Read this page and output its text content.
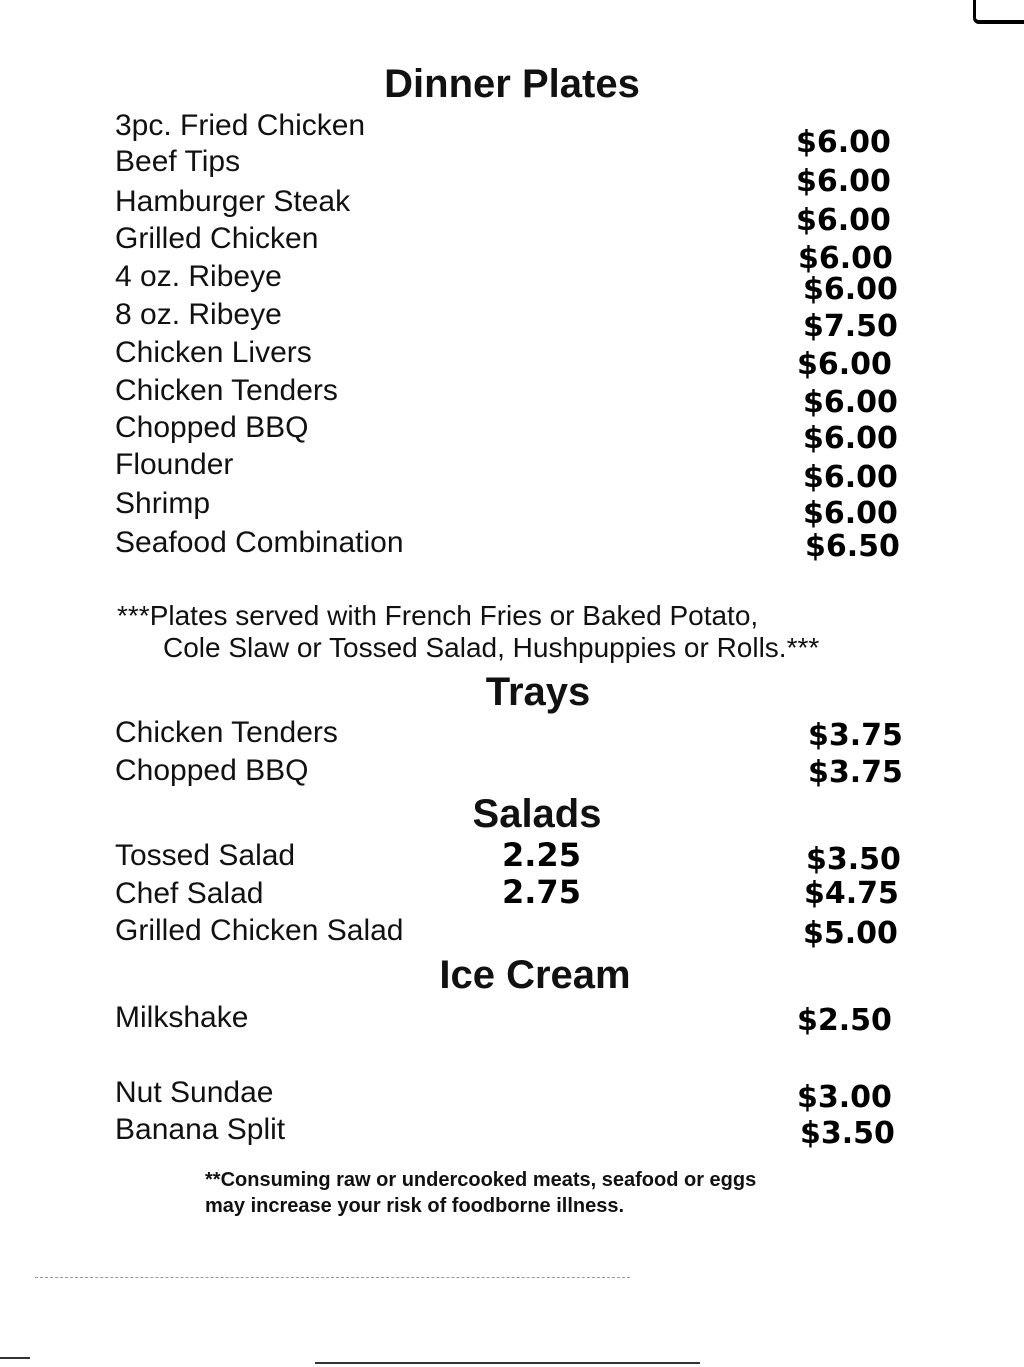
Dinner Plates
3pc. Fried Chicken
Beef Tips
Hamburger Steak
Grilled Chicken
4 oz. Ribeye
8 oz. Ribeye
Chicken Livers
Chicken Tenders
Chopped BBQ
Flounder
Shrimp
Seafood Combination
$6.00
$6.00
$6.00
$6.00
$6.00
$7.50
$6.00
$6.00
$6.00
$6.00
$6.00
$6.50
***Plates served with French Fries or Baked Potato,
Cole Slaw or Tossed Salad, Hushpuppies or Rolls.***
Trays
Chicken Tenders
Chopped BBQ
$3.75
$3.75
Salads
Tossed Salad
Chef Salad
Grilled Chicken Salad
2.25
2.75
$3.50
$4.75
$5.00
Ice Cream
Milkshake
Nut Sundae
Banana Split
$2.50
$3.00
$3.50
**Consuming raw or undercooked meats, seafood or eggs
may increase your risk of foodborne illness.
